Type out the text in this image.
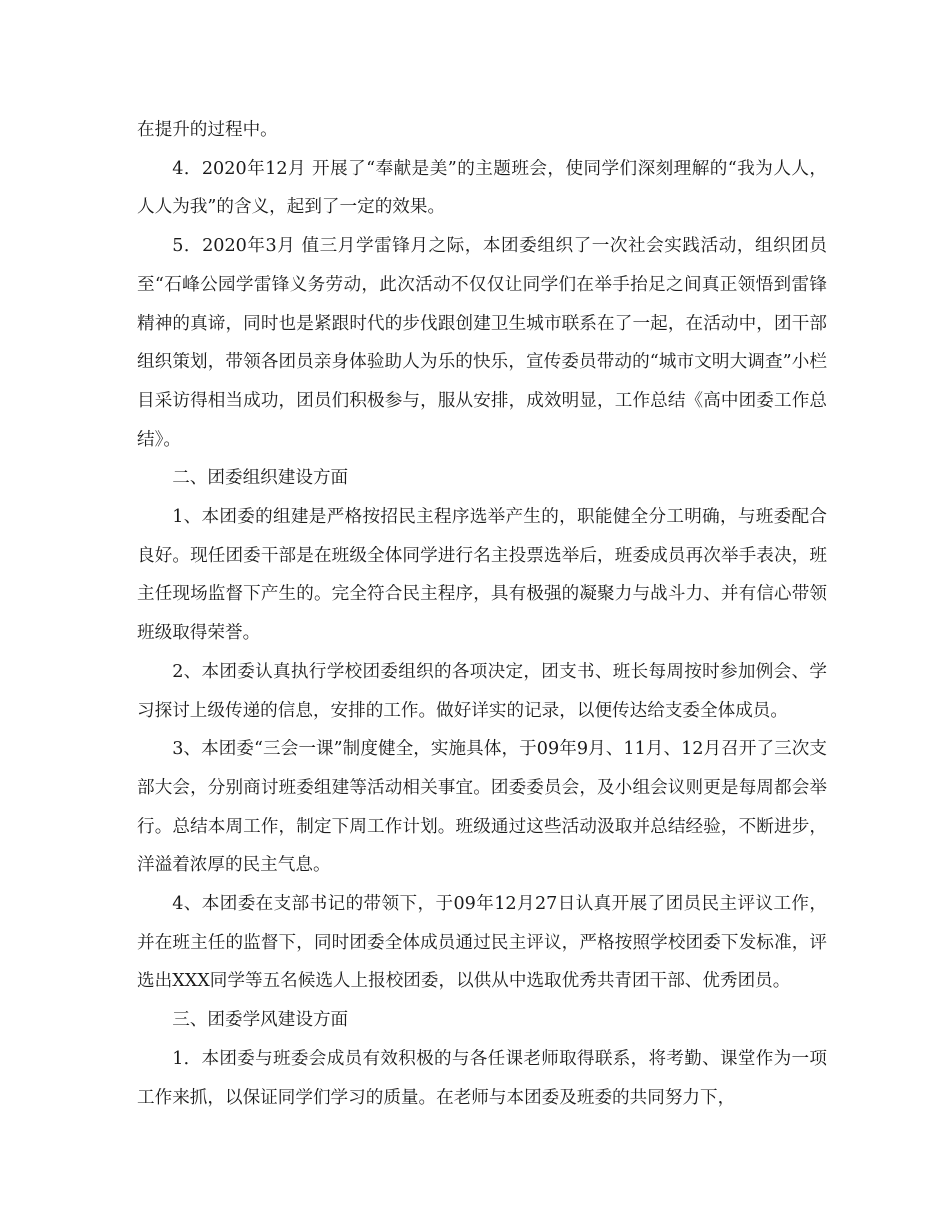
在提升的过程中。

4．2020年12月 开展了“奉献是美”的主题班会，使同学们深刻理解的“我为人人，人人为我”的含义，起到了一定的效果。

5．2020年3月 值三月学雷锋月之际，本团委组织了一次社会实践活动，组织团员至“石峰公园学雷锋义务劳动，此次活动不仅仅让同学们在举手抬足之间真正领悟到雷锋精神的真谛，同时也是紧跟时代的步伐跟创建卫生城市联系在了一起，在活动中，团干部组织策划，带领各团员亲身体验助人为乐的快乐，宣传委员带动的“城市文明大调查”小栏目采访得相当成功，团员们积极参与，服从安排，成效明显，工作总结《高中团委工作总结》。

二、团委组织建设方面

1、本团委的组建是严格按招民主程序选举产生的，职能健全分工明确，与班委配合良好。现任团委干部是在班级全体同学进行名主投票选举后，班委成员再次举手表决，班主任现场监督下产生的。完全符合民主程序，具有极强的凝聚力与战斗力、并有信心带领班级取得荣誉。

2、本团委认真执行学校团委组织的各项决定，团支书、班长每周按时参加例会、学习探讨上级传递的信息，安排的工作。做好详实的记录，以便传达给支委全体成员。

3、本团委“三会一课”制度健全，实施具体，于09年9月、11月、12月召开了三次支部大会，分别商讨班委组建等活动相关事宜。团委委员会，及小组会议则更是每周都会举行。总结本周工作，制定下周工作计划。班级通过这些活动汲取并总结经验，不断进步，洋溢着浓厚的民主气息。

4、本团委在支部书记的带领下，于09年12月27日认真开展了团员民主评议工作，并在班主任的监督下，同时团委全体成员通过民主评议，严格按照学校团委下发标准，评选出XXX同学等五名候选人上报校团委，以供从中选取优秀共青团干部、优秀团员。

三、团委学风建设方面

1．本团委与班委会成员有效积极的与各任课老师取得联系，将考勤、课堂作为一项工作来抓，以保证同学们学习的质量。在老师与本团委及班委的共同努力下，
